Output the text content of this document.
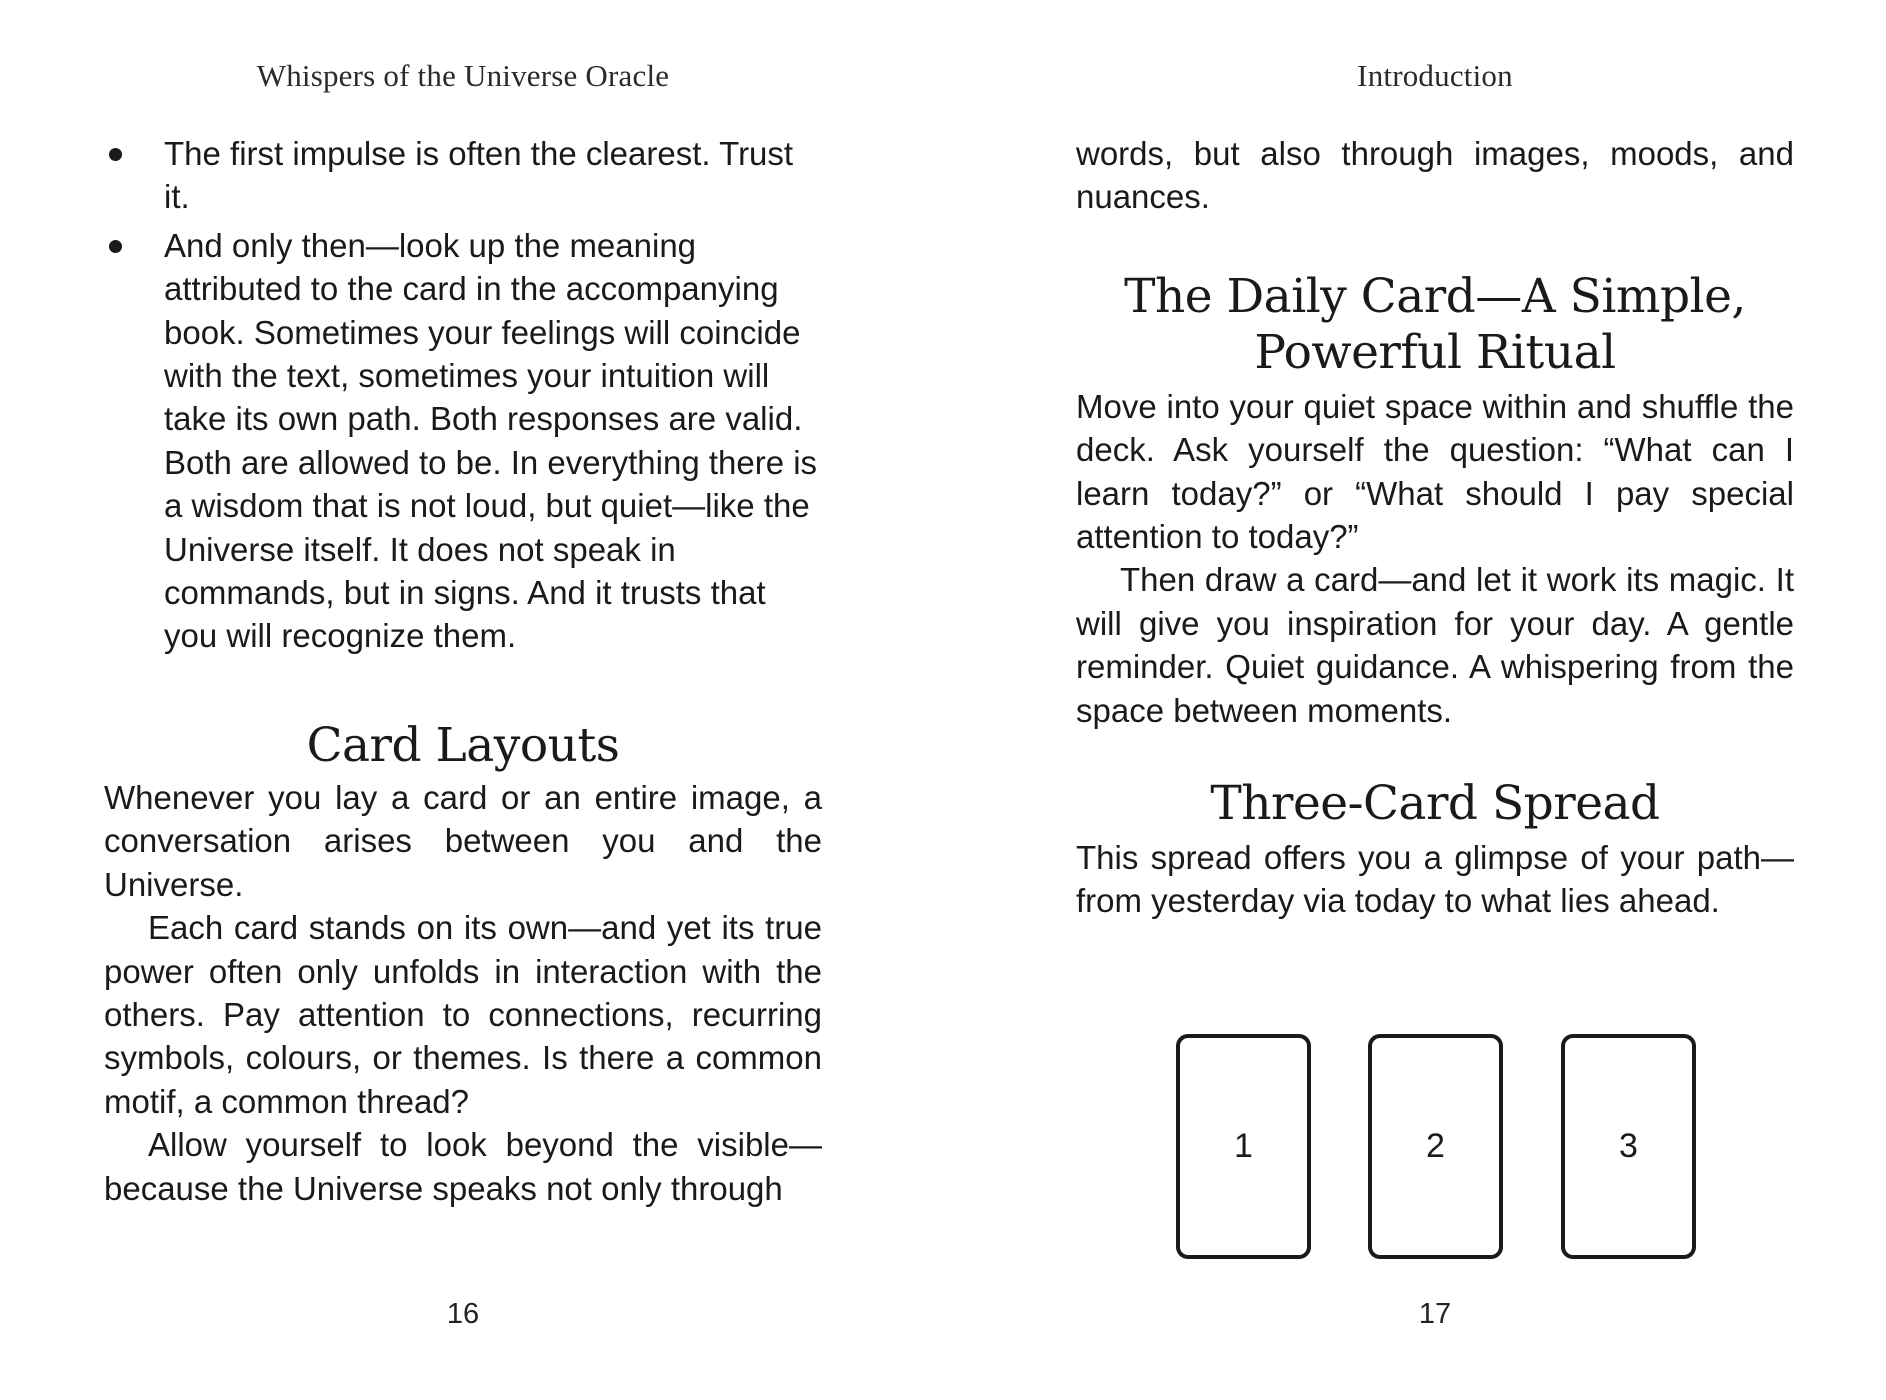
Whispers of the Universe Oracle
The first impulse is often the clearest. Trust it.
And only then—look up the meaning attributed to the card in the accompanying book. Sometimes your feelings will coincide with the text, sometimes your intuition will take its own path. Both responses are valid. Both are allowed to be. In everything there is a wisdom that is not loud, but quiet—like the Universe itself. It does not speak in commands, but in signs. And it trusts that you will recognize them.
Card Layouts

Whenever you lay a card or an entire image, a conversation arises between you and the Universe.

Each card stands on its own—and yet its true power often only unfolds in interaction with the others. Pay attention to connections, recurring symbols, colours, or themes. Is there a common motif, a common thread?

Allow yourself to look beyond the visible—because the Universe speaks not only through

16
Introduction

words, but also through images, moods, and nuances.

The Daily Card—A Simple,
Powerful Ritual

Move into your quiet space within and shuffle the deck. Ask yourself the question: “What can I learn today?” or “What should I pay special attention to today?”

Then draw a card—and let it work its magic. It will give you inspiration for your day. A gentle reminder. Quiet guidance. A whispering from the space between moments.

Three-Card Spread

This spread offers you a glimpse of your path—from yesterday via today to what lies ahead.

1	2	3
17
